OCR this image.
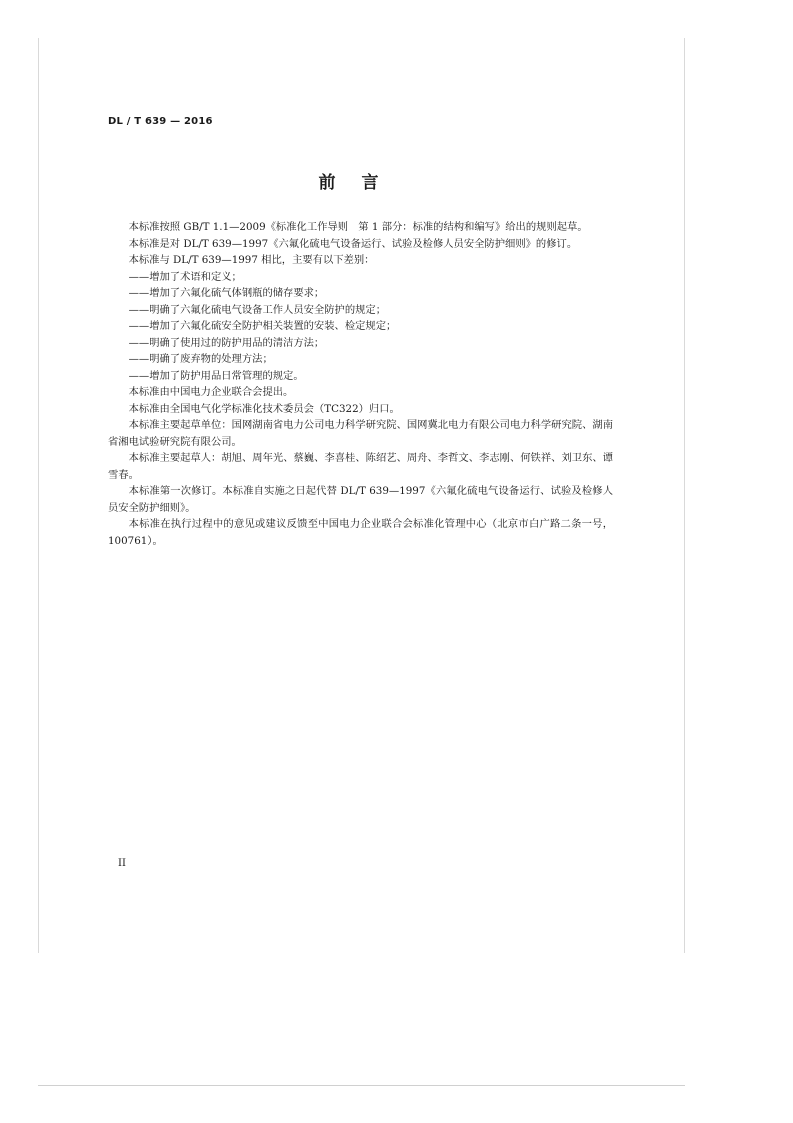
DL / T 639 — 2016
前言

本标准按照 GB/T 1.1—2009《标准化工作导则　第 1 部分：标准的结构和编写》给出的规则起草。

本标准是对 DL/T 639—1997《六氟化硫电气设备运行、试验及检修人员安全防护细则》的修订。

本标准与 DL/T 639—1997 相比，主要有以下差别：

——增加了术语和定义；

——增加了六氟化硫气体钢瓶的储存要求；

——明确了六氟化硫电气设备工作人员安全防护的规定；

——增加了六氟化硫安全防护相关装置的安装、检定规定；

——明确了使用过的防护用品的清洁方法；

——明确了废弃物的处理方法；

——增加了防护用品日常管理的规定。

本标准由中国电力企业联合会提出。

本标准由全国电气化学标准化技术委员会（TC322）归口。

本标准主要起草单位：国网湖南省电力公司电力科学研究院、国网冀北电力有限公司电力科学研究院、湖南省湘电试验研究院有限公司。

本标准主要起草人：胡旭、周年光、蔡巍、李喜桂、陈绍艺、周舟、李哲文、李志刚、何铁祥、刘卫东、谭雪春。

本标准第一次修订。本标准自实施之日起代替 DL/T 639—1997《六氟化硫电气设备运行、试验及检修人员安全防护细则》。

本标准在执行过程中的意见或建议反馈至中国电力企业联合会标准化管理中心（北京市白广路二条一号，100761）。

II
